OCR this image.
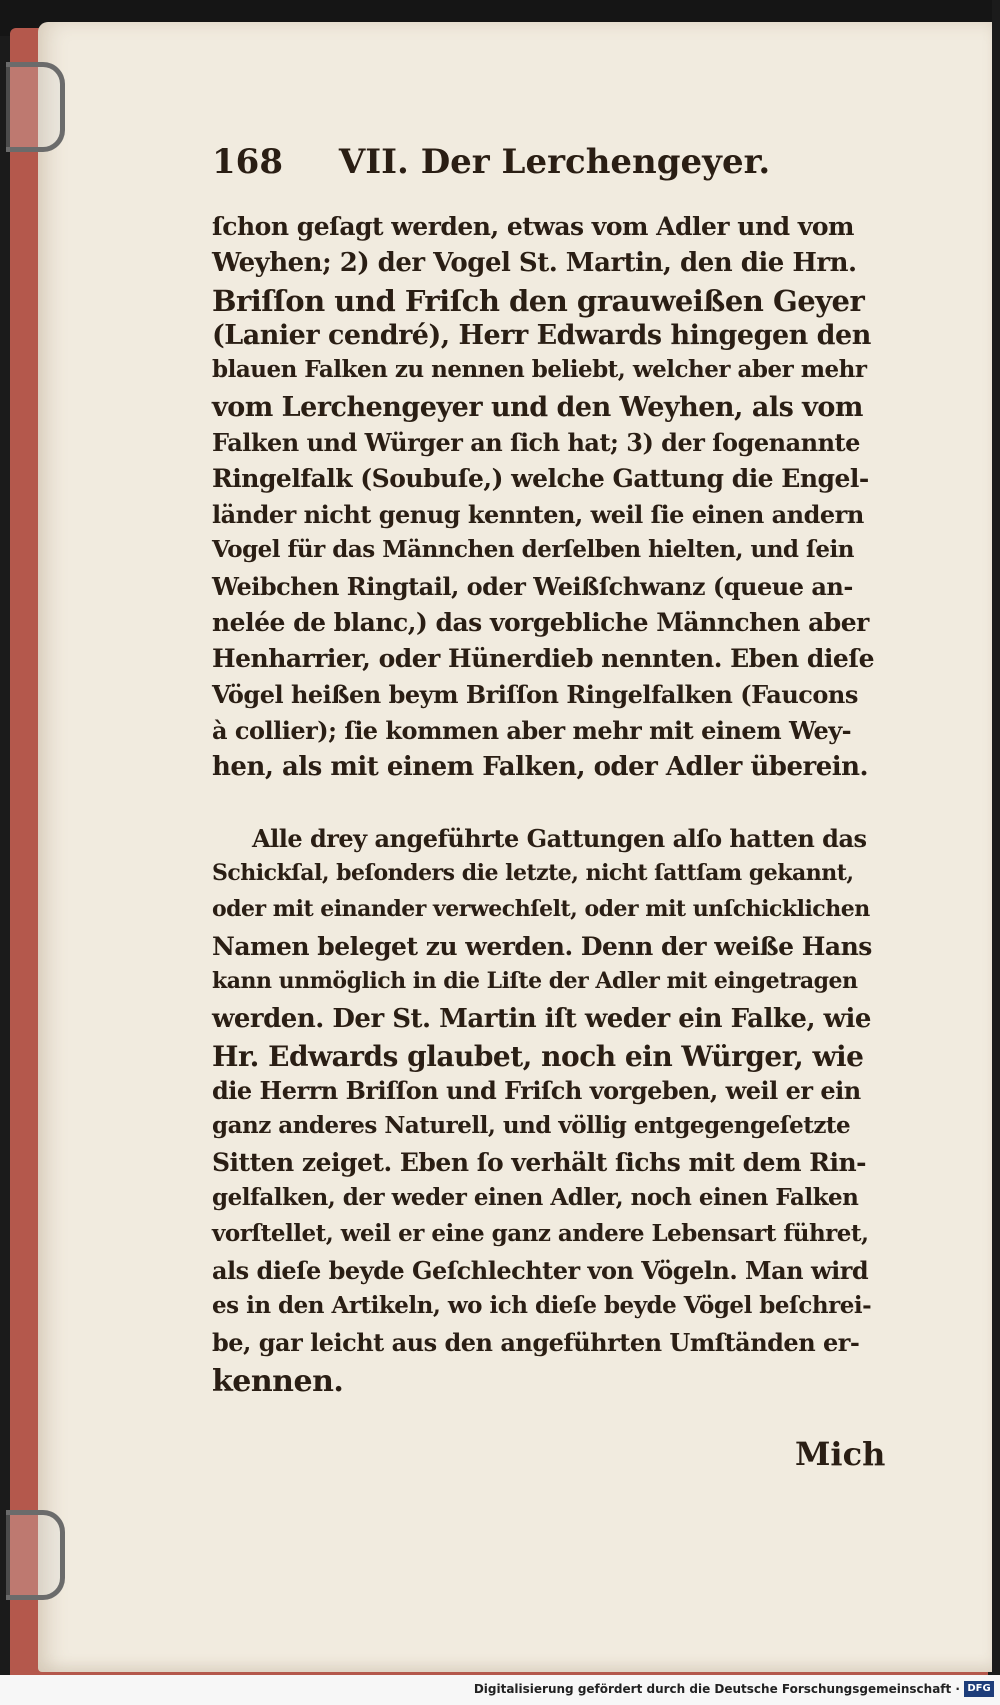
168 VII. Der Lerchengeyer.
ſchon geſagt werden, etwas vom Adler und vom
Weyhen; 2) der Vogel St. Martin, den die Hrn.
Briſſon und Friſch den grauweißen Geyer
(Lanier cendré), Herr Edwards hingegen den
blauen Falken zu nennen beliebt, welcher aber mehr
vom Lerchengeyer und den Weyhen, als vom
Falken und Würger an ſich hat; 3) der ſogenannte
Ringelfalk (Soubuſe,) welche Gattung die Engel-
länder nicht genug kennten, weil ſie einen andern
Vogel für das Männchen derſelben hielten, und ſein
Weibchen Ringtail, oder Weißſchwanz (queue an-
nelée de blanc,) das vorgebliche Männchen aber
Henharrier, oder Hünerdieb nennten. Eben dieſe
Vögel heißen beym Briſſon Ringelfalken (Faucons
à collier); ſie kommen aber mehr mit einem Wey-
hen, als mit einem Falken, oder Adler überein.
Alle drey angeführte Gattungen alſo hatten das
Schickſal, beſonders die letzte, nicht ſattſam gekannt,
oder mit einander verwechſelt, oder mit unſchicklichen
Namen beleget zu werden. Denn der weiße Hans
kann unmöglich in die Liſte der Adler mit eingetragen
werden. Der St. Martin iſt weder ein Falke, wie
Hr. Edwards glaubet, noch ein Würger, wie
die Herrn Briſſon und Friſch vorgeben, weil er ein
ganz anderes Naturell, und völlig entgegengeſetzte
Sitten zeiget. Eben ſo verhält ſichs mit dem Rin-
gelfalken, der weder einen Adler, noch einen Falken
vorſtellet, weil er eine ganz andere Lebensart führet,
als dieſe beyde Geſchlechter von Vögeln. Man wird
es in den Artikeln, wo ich dieſe beyde Vögel beſchrei-
be, gar leicht aus den angeführten Umſtänden er-
kennen.
Mich
Digitalisierung gefördert durch die Deutsche Forschungsgemeinschaft · DFG
